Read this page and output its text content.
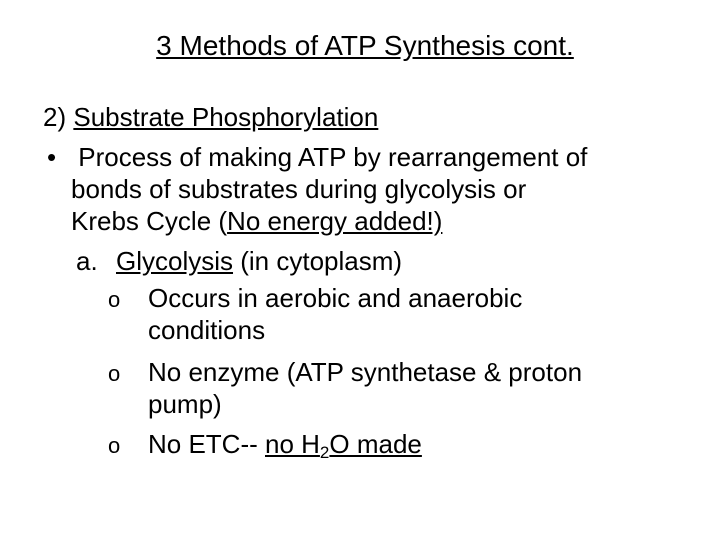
3 Methods of ATP Synthesis cont.
2) Substrate Phosphorylation
• Process of making ATP by rearrangement of
bonds of substrates during glycolysis or
Krebs Cycle (No energy added!)
a. Glycolysis (in cytoplasm)
o Occurs in aerobic and anaerobic
conditions
o No enzyme (ATP synthetase & proton
pump)
o No ETC-- no $H_2O$ made
